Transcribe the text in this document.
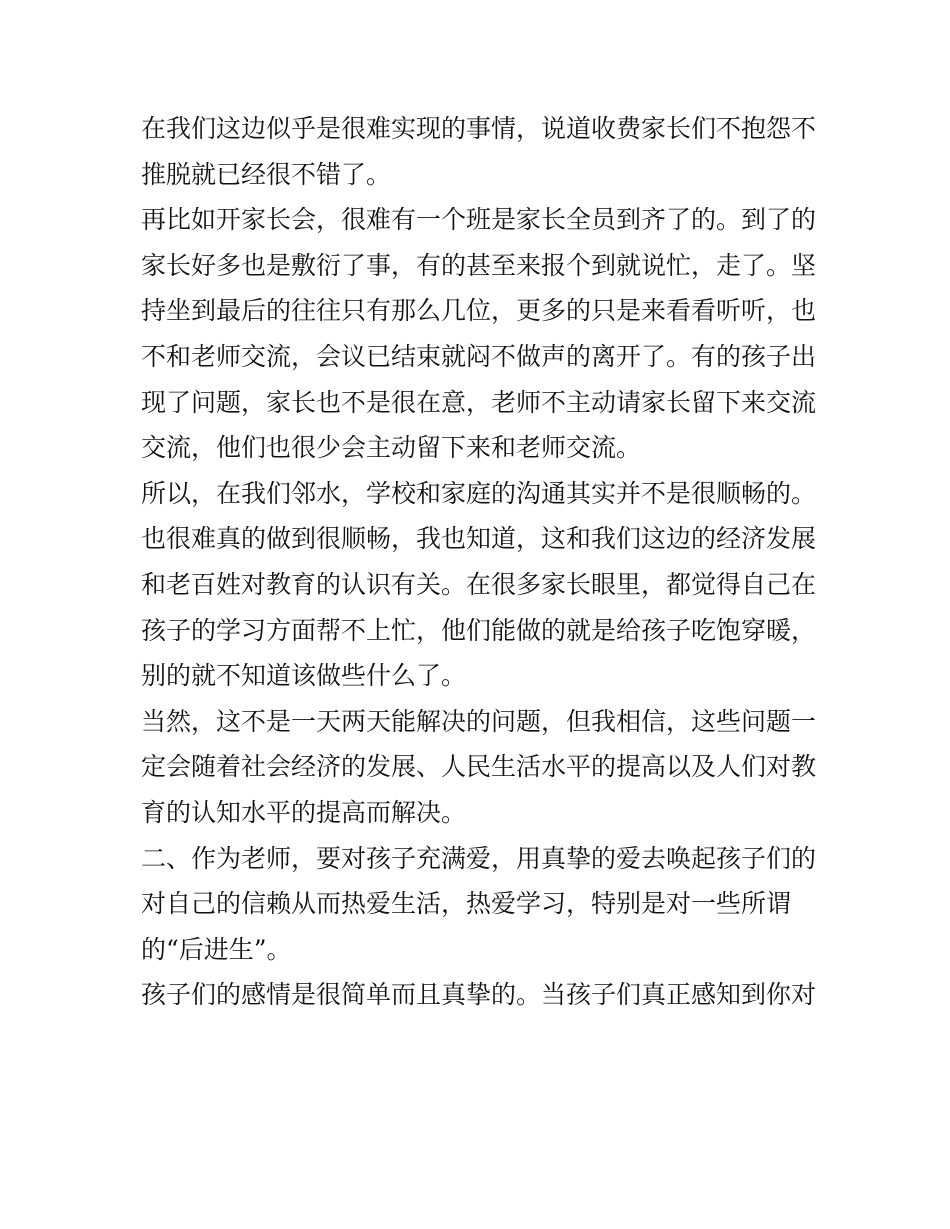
在我们这边似乎是很难实现的事情，说道收费家长们不抱怨不
推脱就已经很不错了。
再比如开家长会，很难有一个班是家长全员到齐了的。到了的
家长好多也是敷衍了事，有的甚至来报个到就说忙，走了。坚
持坐到最后的往往只有那么几位，更多的只是来看看听听，也
不和老师交流，会议已结束就闷不做声的离开了。有的孩子出
现了问题，家长也不是很在意，老师不主动请家长留下来交流
交流，他们也很少会主动留下来和老师交流。
所以，在我们邻水，学校和家庭的沟通其实并不是很顺畅的。
也很难真的做到很顺畅，我也知道，这和我们这边的经济发展
和老百姓对教育的认识有关。在很多家长眼里，都觉得自己在
孩子的学习方面帮不上忙，他们能做的就是给孩子吃饱穿暖，
别的就不知道该做些什么了。
当然，这不是一天两天能解决的问题，但我相信，这些问题一
定会随着社会经济的发展、人民生活水平的提高以及人们对教
育的认知水平的提高而解决。
二、作为老师，要对孩子充满爱，用真挚的爱去唤起孩子们的
对自己的信赖从而热爱生活，热爱学习，特别是对一些所谓
的“后进生”。
孩子们的感情是很简单而且真挚的。当孩子们真正感知到你对
